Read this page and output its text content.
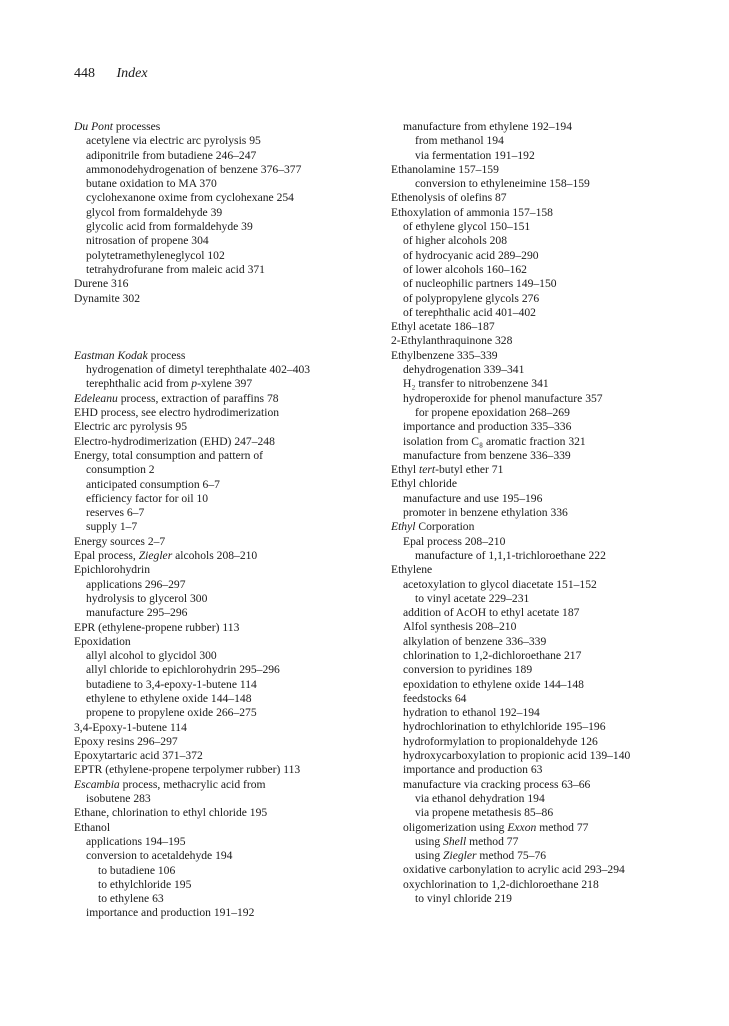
448 Index
Du Pont processes
acetylene via electric arc pyrolysis 95
adiponitrile from butadiene 246–247
ammonodehydrogenation of benzene 376–377
butane oxidation to MA 370
cyclohexanone oxime from cyclohexane 254
glycol from formaldehyde 39
glycolic acid from formaldehyde 39
nitrosation of propene 304
polytetramethyleneglycol 102
tetrahydrofurane from maleic acid 371
Durene 316
Dynamite 302
Eastman Kodak process
hydrogenation of dimetyl terephthalate 402–403
terephthalic acid from p-xylene 397
Edeleanu process, extraction of paraffins 78
EHD process, see electro hydrodimerization
Electric arc pyrolysis 95
Electro-hydrodimerization (EHD) 247–248
Energy, total consumption and pattern of
consumption 2
anticipated consumption 6–7
efficiency factor for oil 10
reserves 6–7
supply 1–7
Energy sources 2–7
Epal process, Ziegler alcohols 208–210
Epichlorohydrin
applications 296–297
hydrolysis to glycerol 300
manufacture 295–296
EPR (ethylene-propene rubber) 113
Epoxidation
allyl alcohol to glycidol 300
allyl chloride to epichlorohydrin 295–296
butadiene to 3,4-epoxy-1-butene 114
ethylene to ethylene oxide 144–148
propene to propylene oxide 266–275
3,4-Epoxy-1-butene 114
Epoxy resins 296–297
Epoxytartaric acid 371–372
EPTR (ethylene-propene terpolymer rubber) 113
Escambia process, methacrylic acid from
isobutene 283
Ethane, chlorination to ethyl chloride 195
Ethanol
applications 194–195
conversion to acetaldehyde 194
to butadiene 106
to ethylchloride 195
to ethylene 63
importance and production 191–192
manufacture from ethylene 192–194
from methanol 194
via fermentation 191–192
Ethanolamine 157–159
conversion to ethyleneimine 158–159
Ethenolysis of olefins 87
Ethoxylation of ammonia 157–158
of ethylene glycol 150–151
of higher alcohols 208
of hydrocyanic acid 289–290
of lower alcohols 160–162
of nucleophilic partners 149–150
of polypropylene glycols 276
of terephthalic acid 401–402
Ethyl acetate 186–187
2-Ethylanthraquinone 328
Ethylbenzene 335–339
dehydrogenation 339–341
H₂ transfer to nitrobenzene 341
hydroperoxide for phenol manufacture 357
for propene epoxidation 268–269
importance and production 335–336
isolation from C₈ aromatic fraction 321
manufacture from benzene 336–339
Ethyl tert-butyl ether 71
Ethyl chloride
manufacture and use 195–196
promoter in benzene ethylation 336
Ethyl Corporation
Epal process 208–210
manufacture of 1,1,1-trichloroethane 222
Ethylene
acetoxylation to glycol diacetate 151–152
to vinyl acetate 229–231
addition of AcOH to ethyl acetate 187
Alfol synthesis 208–210
alkylation of benzene 336–339
chlorination to 1,2-dichloroethane 217
conversion to pyridines 189
epoxidation to ethylene oxide 144–148
feedstocks 64
hydration to ethanol 192–194
hydrochlorination to ethylchloride 195–196
hydroformylation to propionaldehyde 126
hydroxycarboxylation to propionic acid 139–140
importance and production 63
manufacture via cracking process 63–66
via ethanol dehydration 194
via propene metathesis 85–86
oligomerization using Exxon method 77
using Shell method 77
using Ziegler method 75–76
oxidative carbonylation to acrylic acid 293–294
oxychlorination to 1,2-dichloroethane 218
to vinyl chloride 219
